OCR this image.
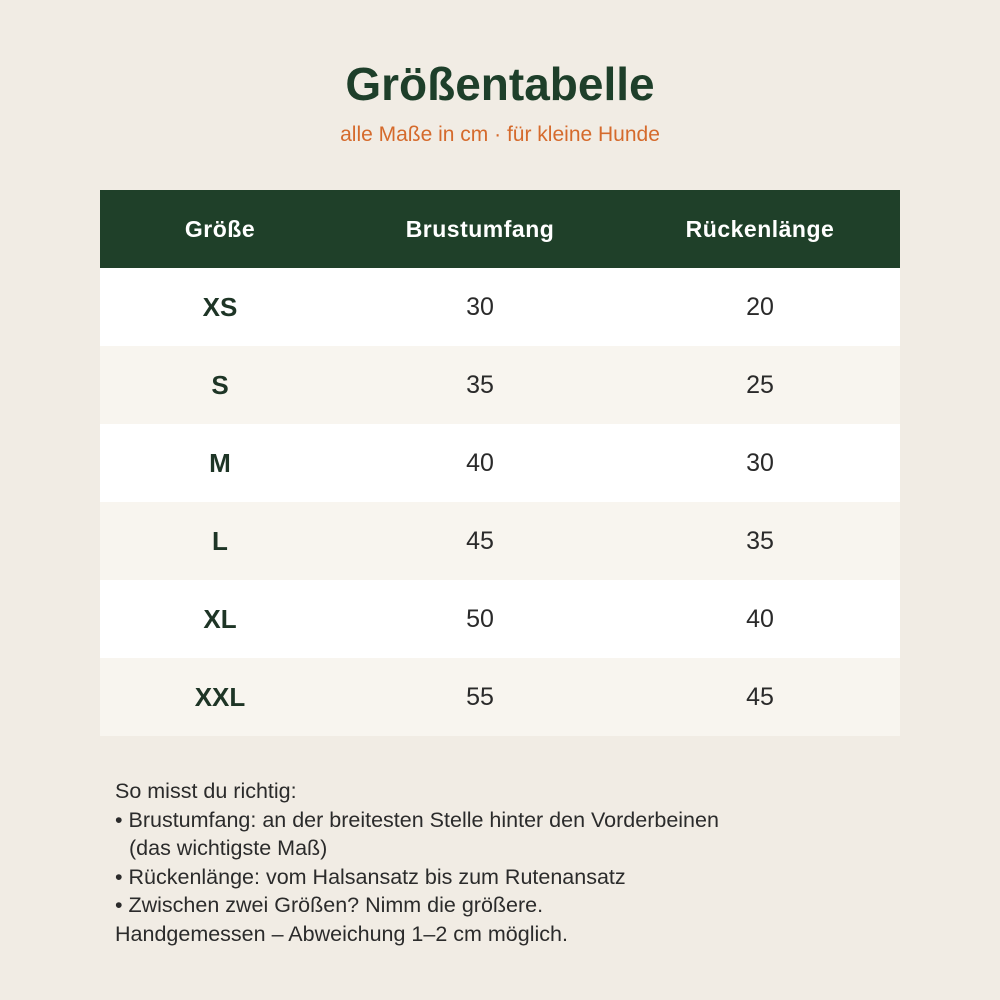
Größentabelle
alle Maße in cm · für kleine Hunde
Größe	Brustumfang	Rückenlänge
XS	30	20
S	35	25
M	40	30
L	45	35
XL	50	40
XXL	55	45
So misst du richtig:
• Brustumfang: an der breitesten Stelle hinter den Vorderbeinen
(das wichtigste Maß)
• Rückenlänge: vom Halsansatz bis zum Rutenansatz
• Zwischen zwei Größen? Nimm die größere.
Handgemessen – Abweichung 1–2 cm möglich.
